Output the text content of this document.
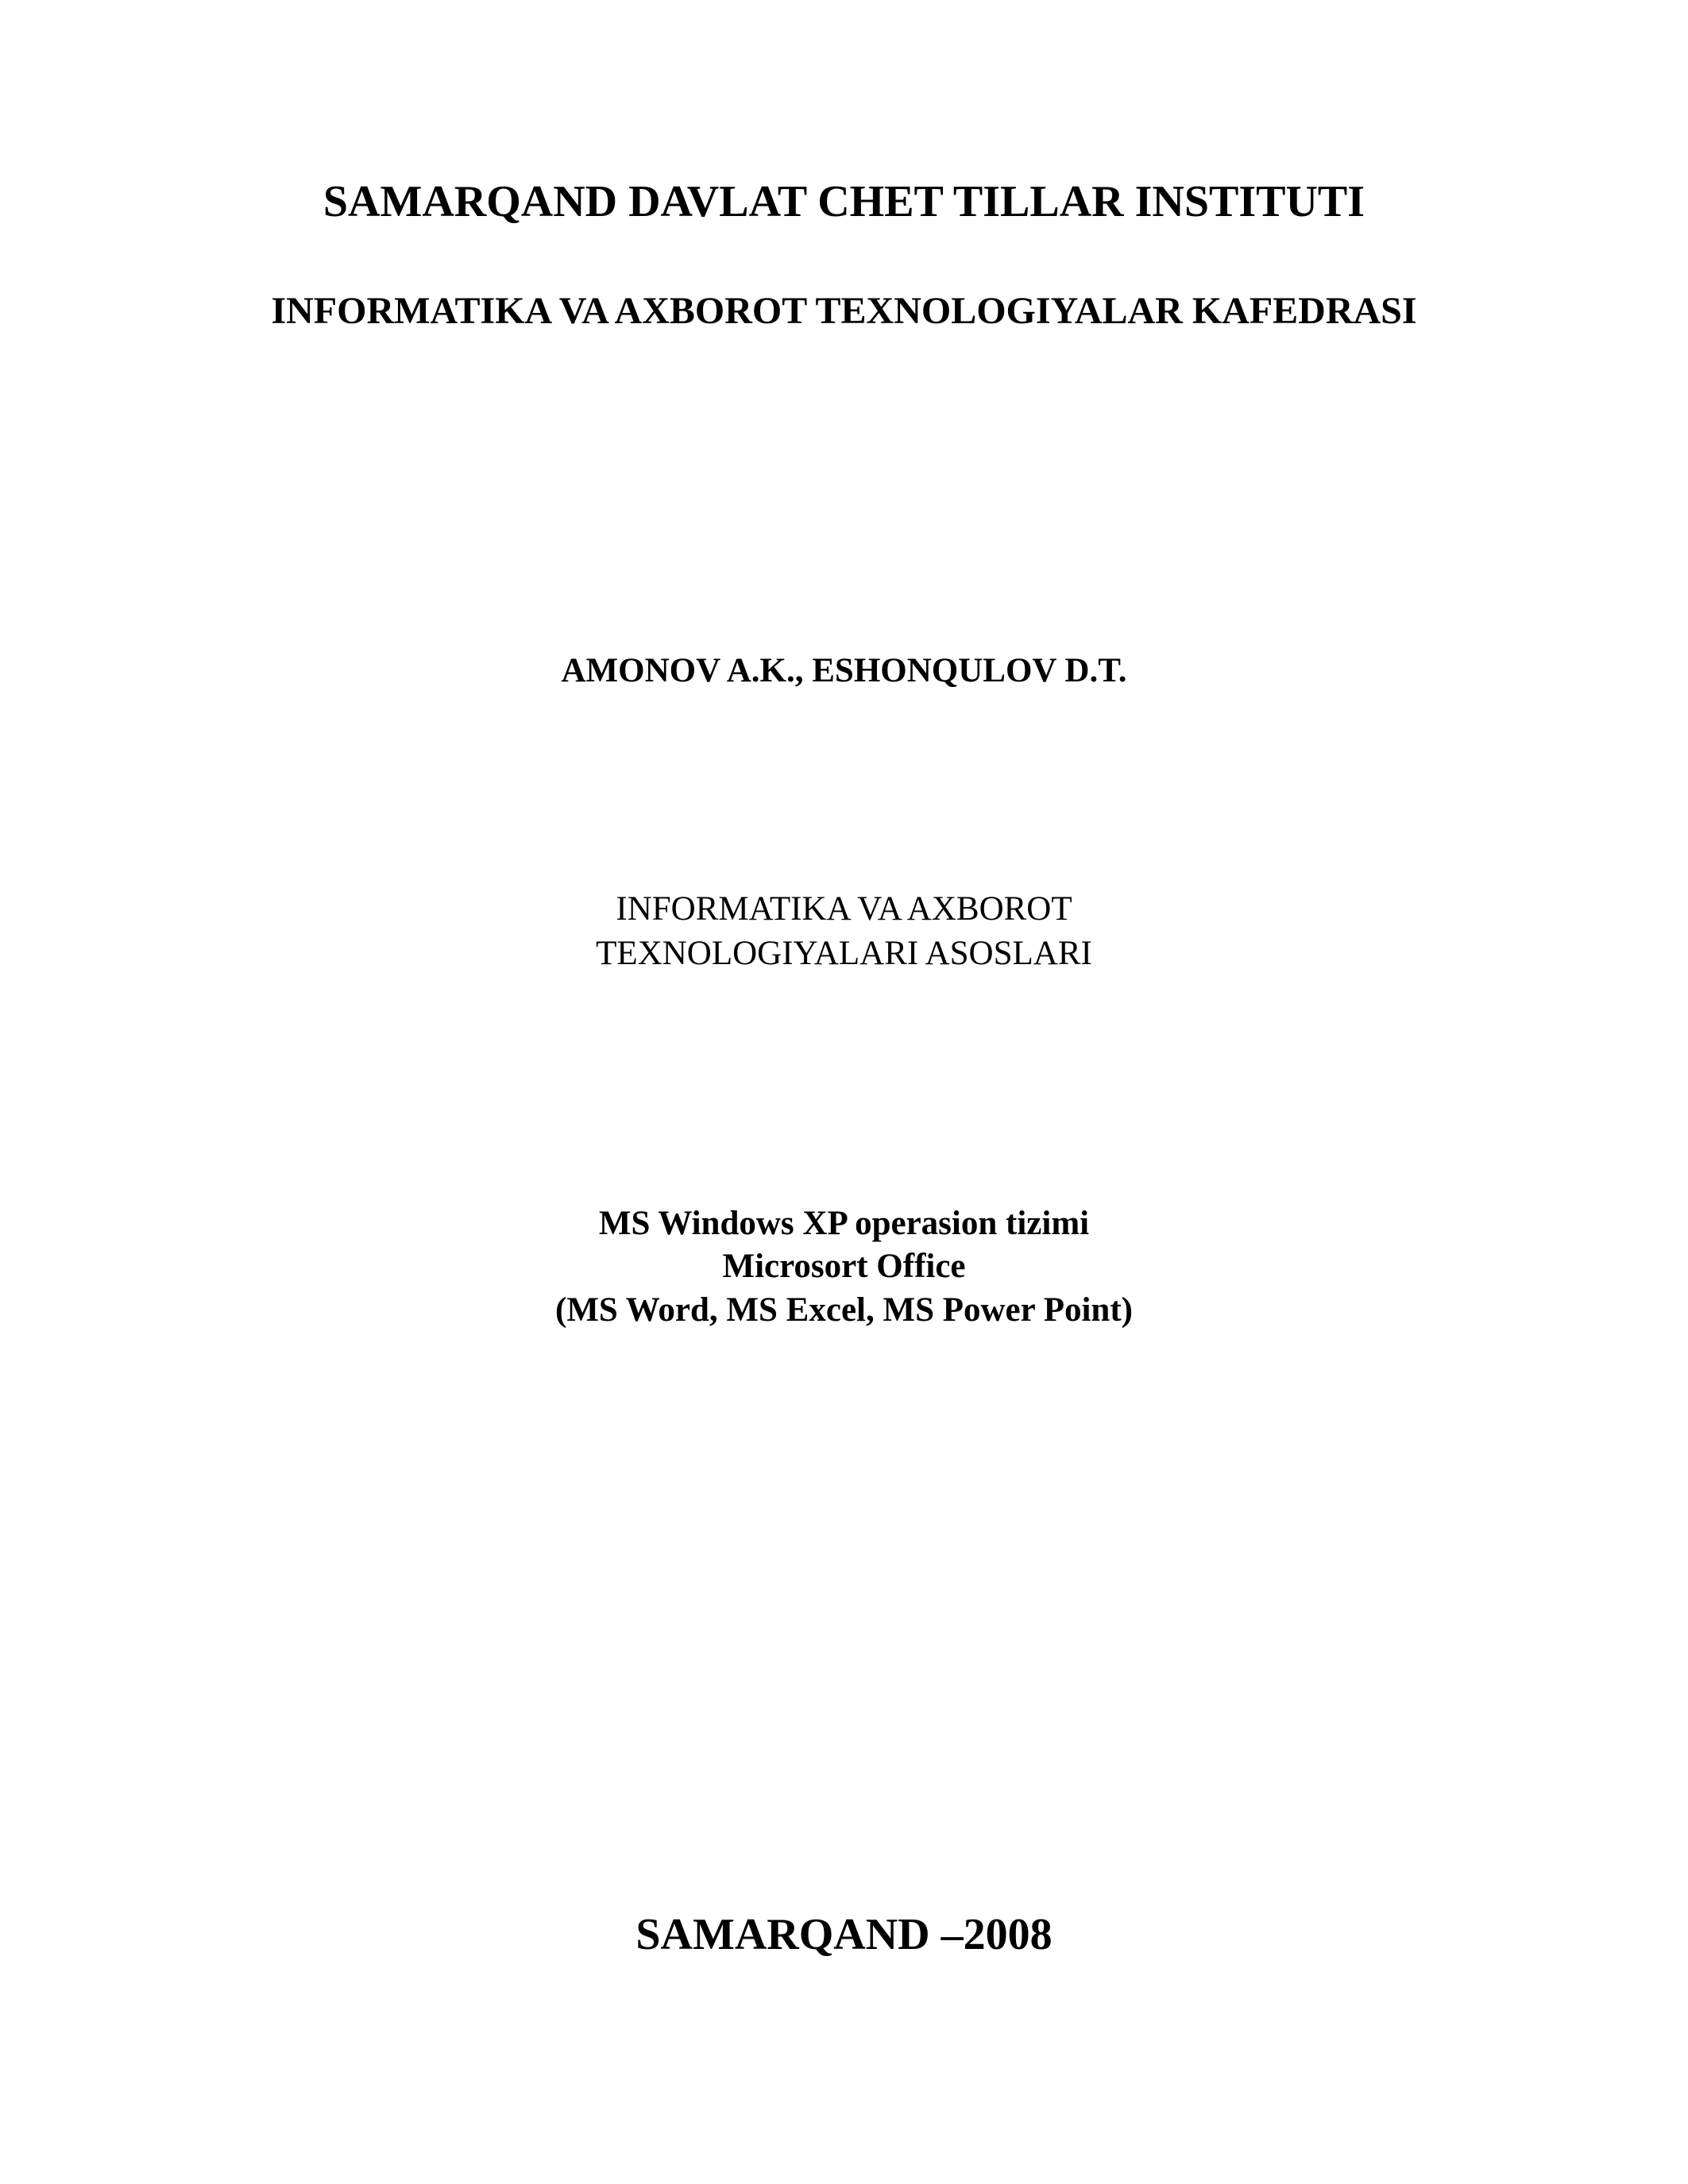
SAMARQAND DAVLAT CHET TILLAR INSTITUTI

INFORMATIKA VA AXBOROT TEXNOLOGIYALAR KAFEDRASI

AMONOV A.K., ESHONQULOV D.T.

INFORMATIKA VA AXBOROT

TEXNOLOGIYALARI ASOSLARI

MS Windows XP operasion tizimi

Microsort Office

(MS Word, MS Excel, MS Power Point)

SAMARQAND –2008
